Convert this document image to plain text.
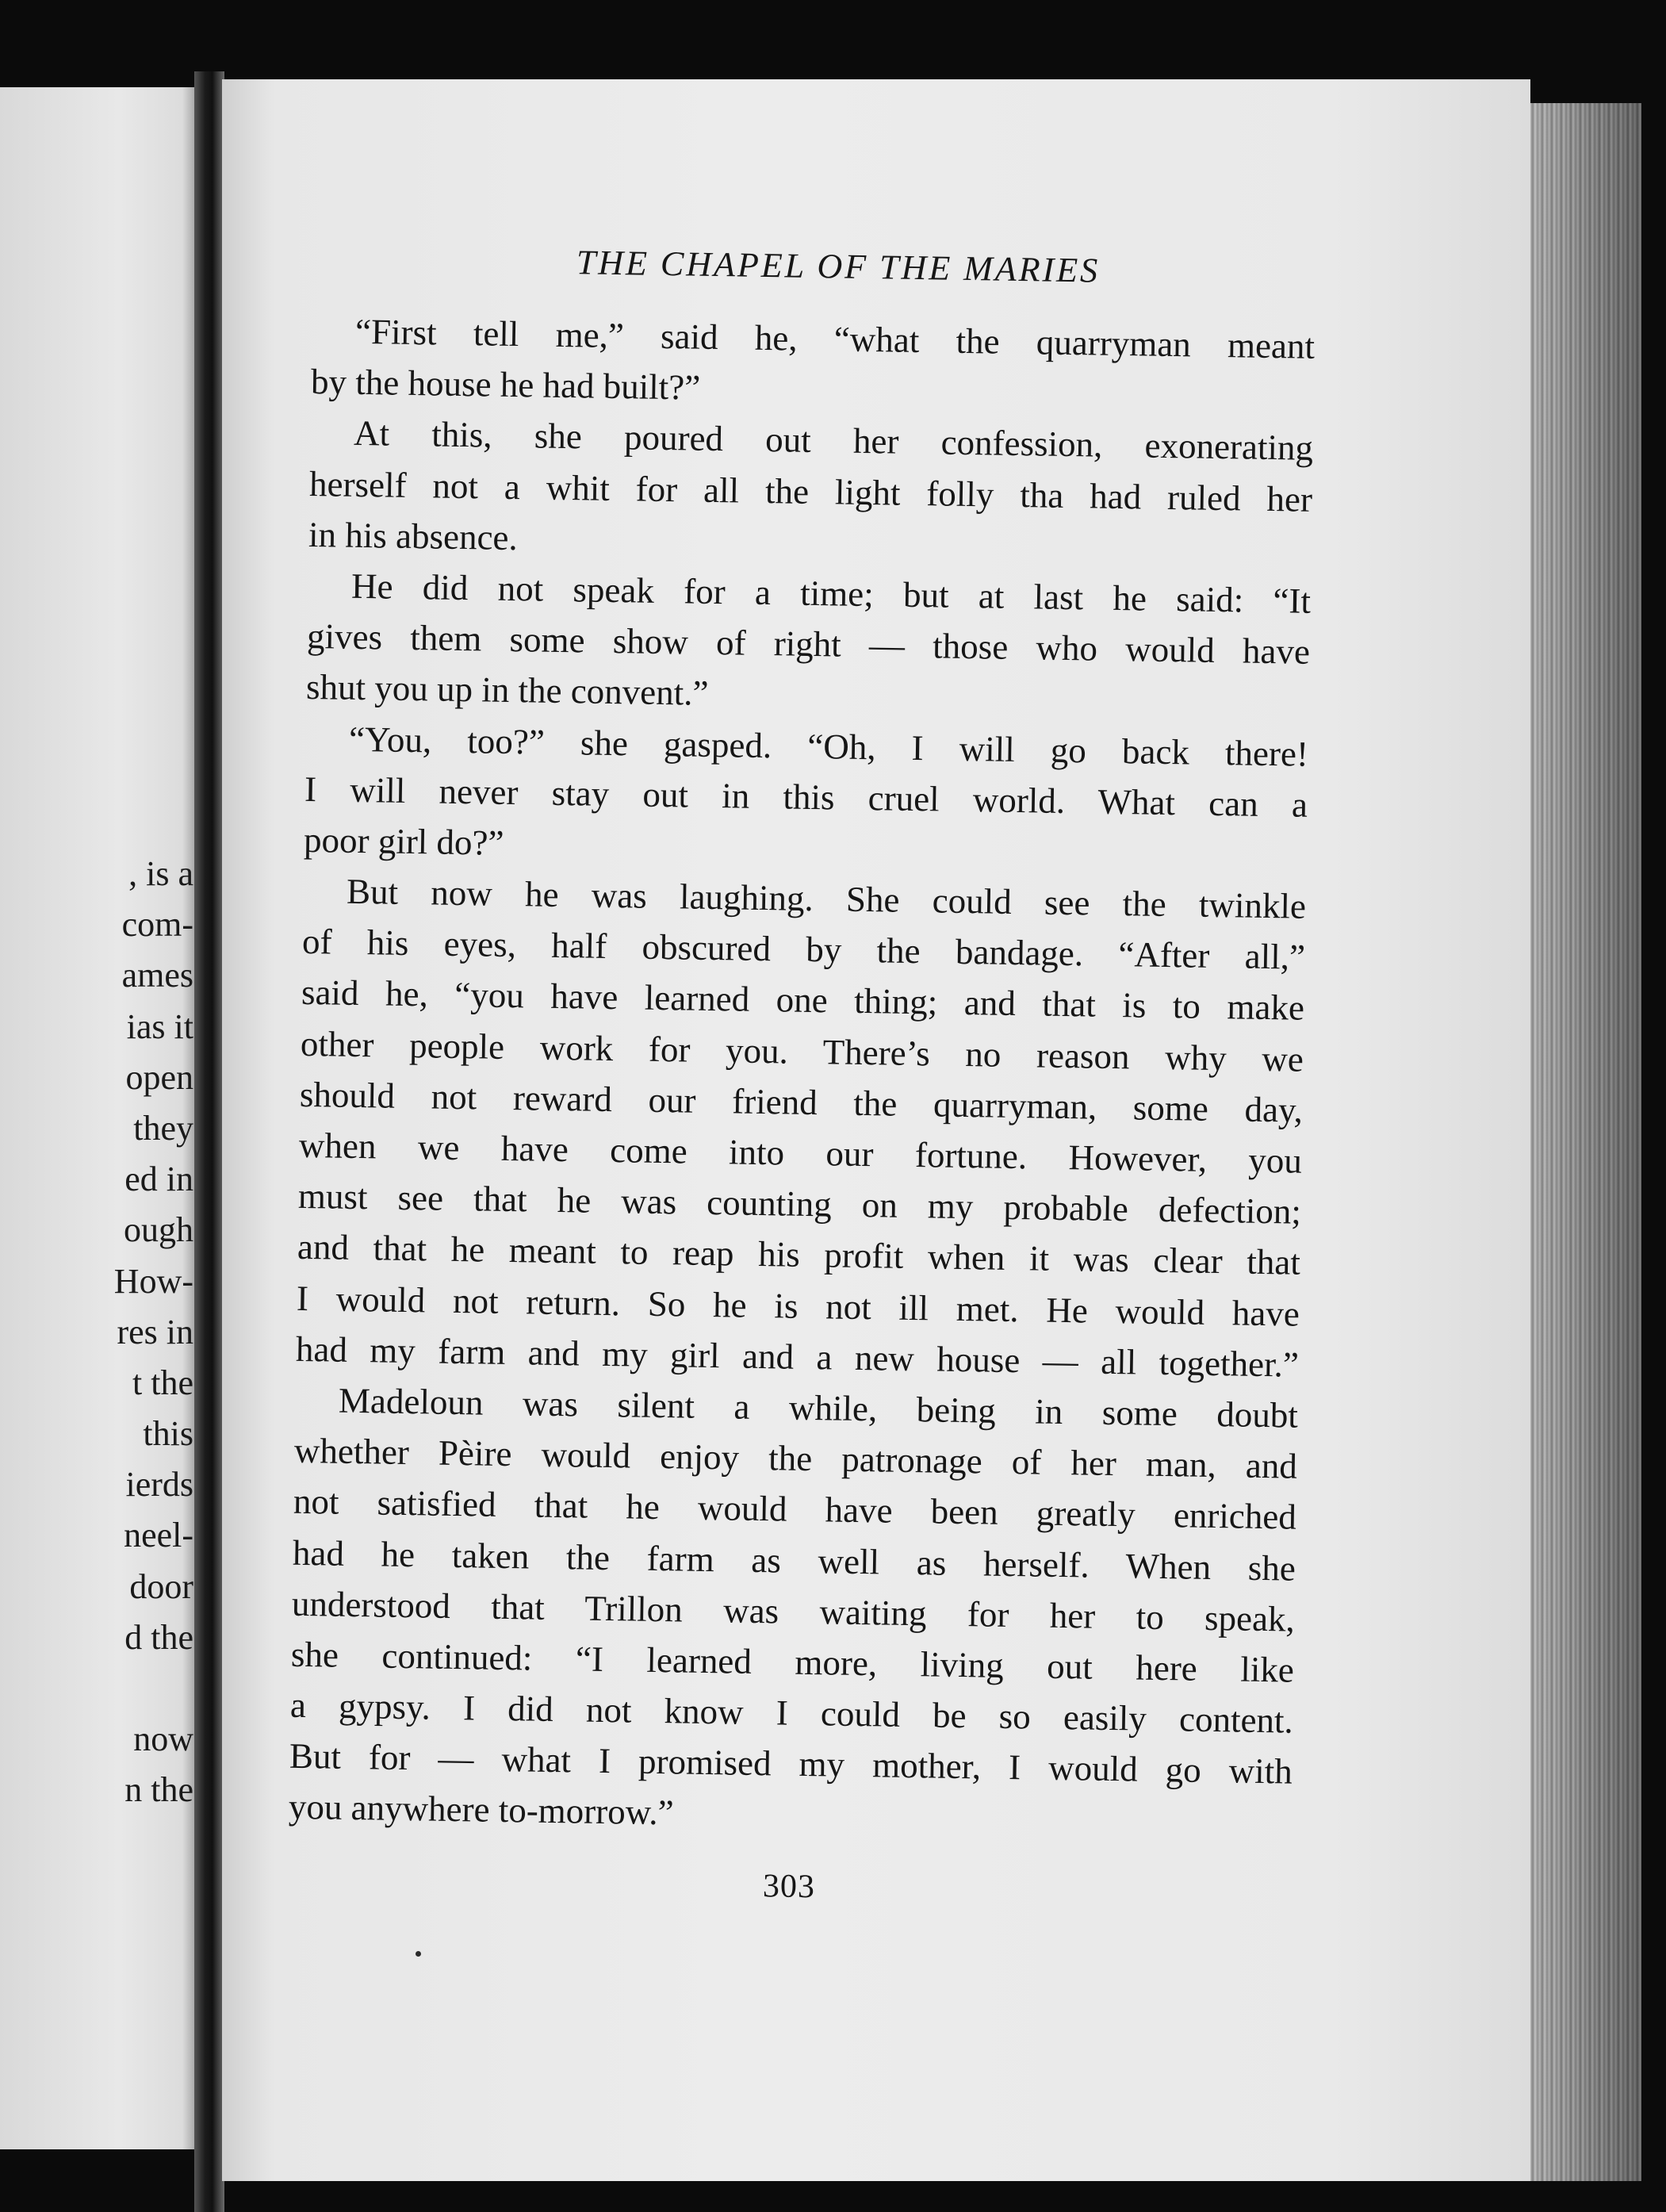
, is a
com-
ames
ias it
open
they
ed in
ough
How-
res in
t the
this
ierds
neel-
door
d the
now
n the
THE CHAPEL OF THE MARIES
“First tell me,” said he, “what the quarryman meant
by the house he had built?”
At this, she poured out her confession, exonerating
herself not a whit for all the light folly tha had ruled her
in his absence.
He did not speak for a time; but at last he said: “It
gives them some show of right — those who would have
shut you up in the convent.”
“You, too?” she gasped. “Oh, I will go back there!
I will never stay out in this cruel world. What can a
poor girl do?”
But now he was laughing. She could see the twinkle
of his eyes, half obscured by the bandage. “After all,”
said he, “you have learned one thing; and that is to make
other people work for you. There’s no reason why we
should not reward our friend the quarryman, some day,
when we have come into our fortune. However, you
must see that he was counting on my probable defection;
and that he meant to reap his profit when it was clear that
I would not return. So he is not ill met. He would have
had my farm and my girl and a new house — all together.”
Madeloun was silent a while, being in some doubt
whether Pèire would enjoy the patronage of her man, and
not satisfied that he would have been greatly enriched
had he taken the farm as well as herself. When she
understood that Trillon was waiting for her to speak,
she continued: “I learned more, living out here like
a gypsy. I did not know I could be so easily content.
But for — what I promised my mother, I would go with
you anywhere to-morrow.”
303
